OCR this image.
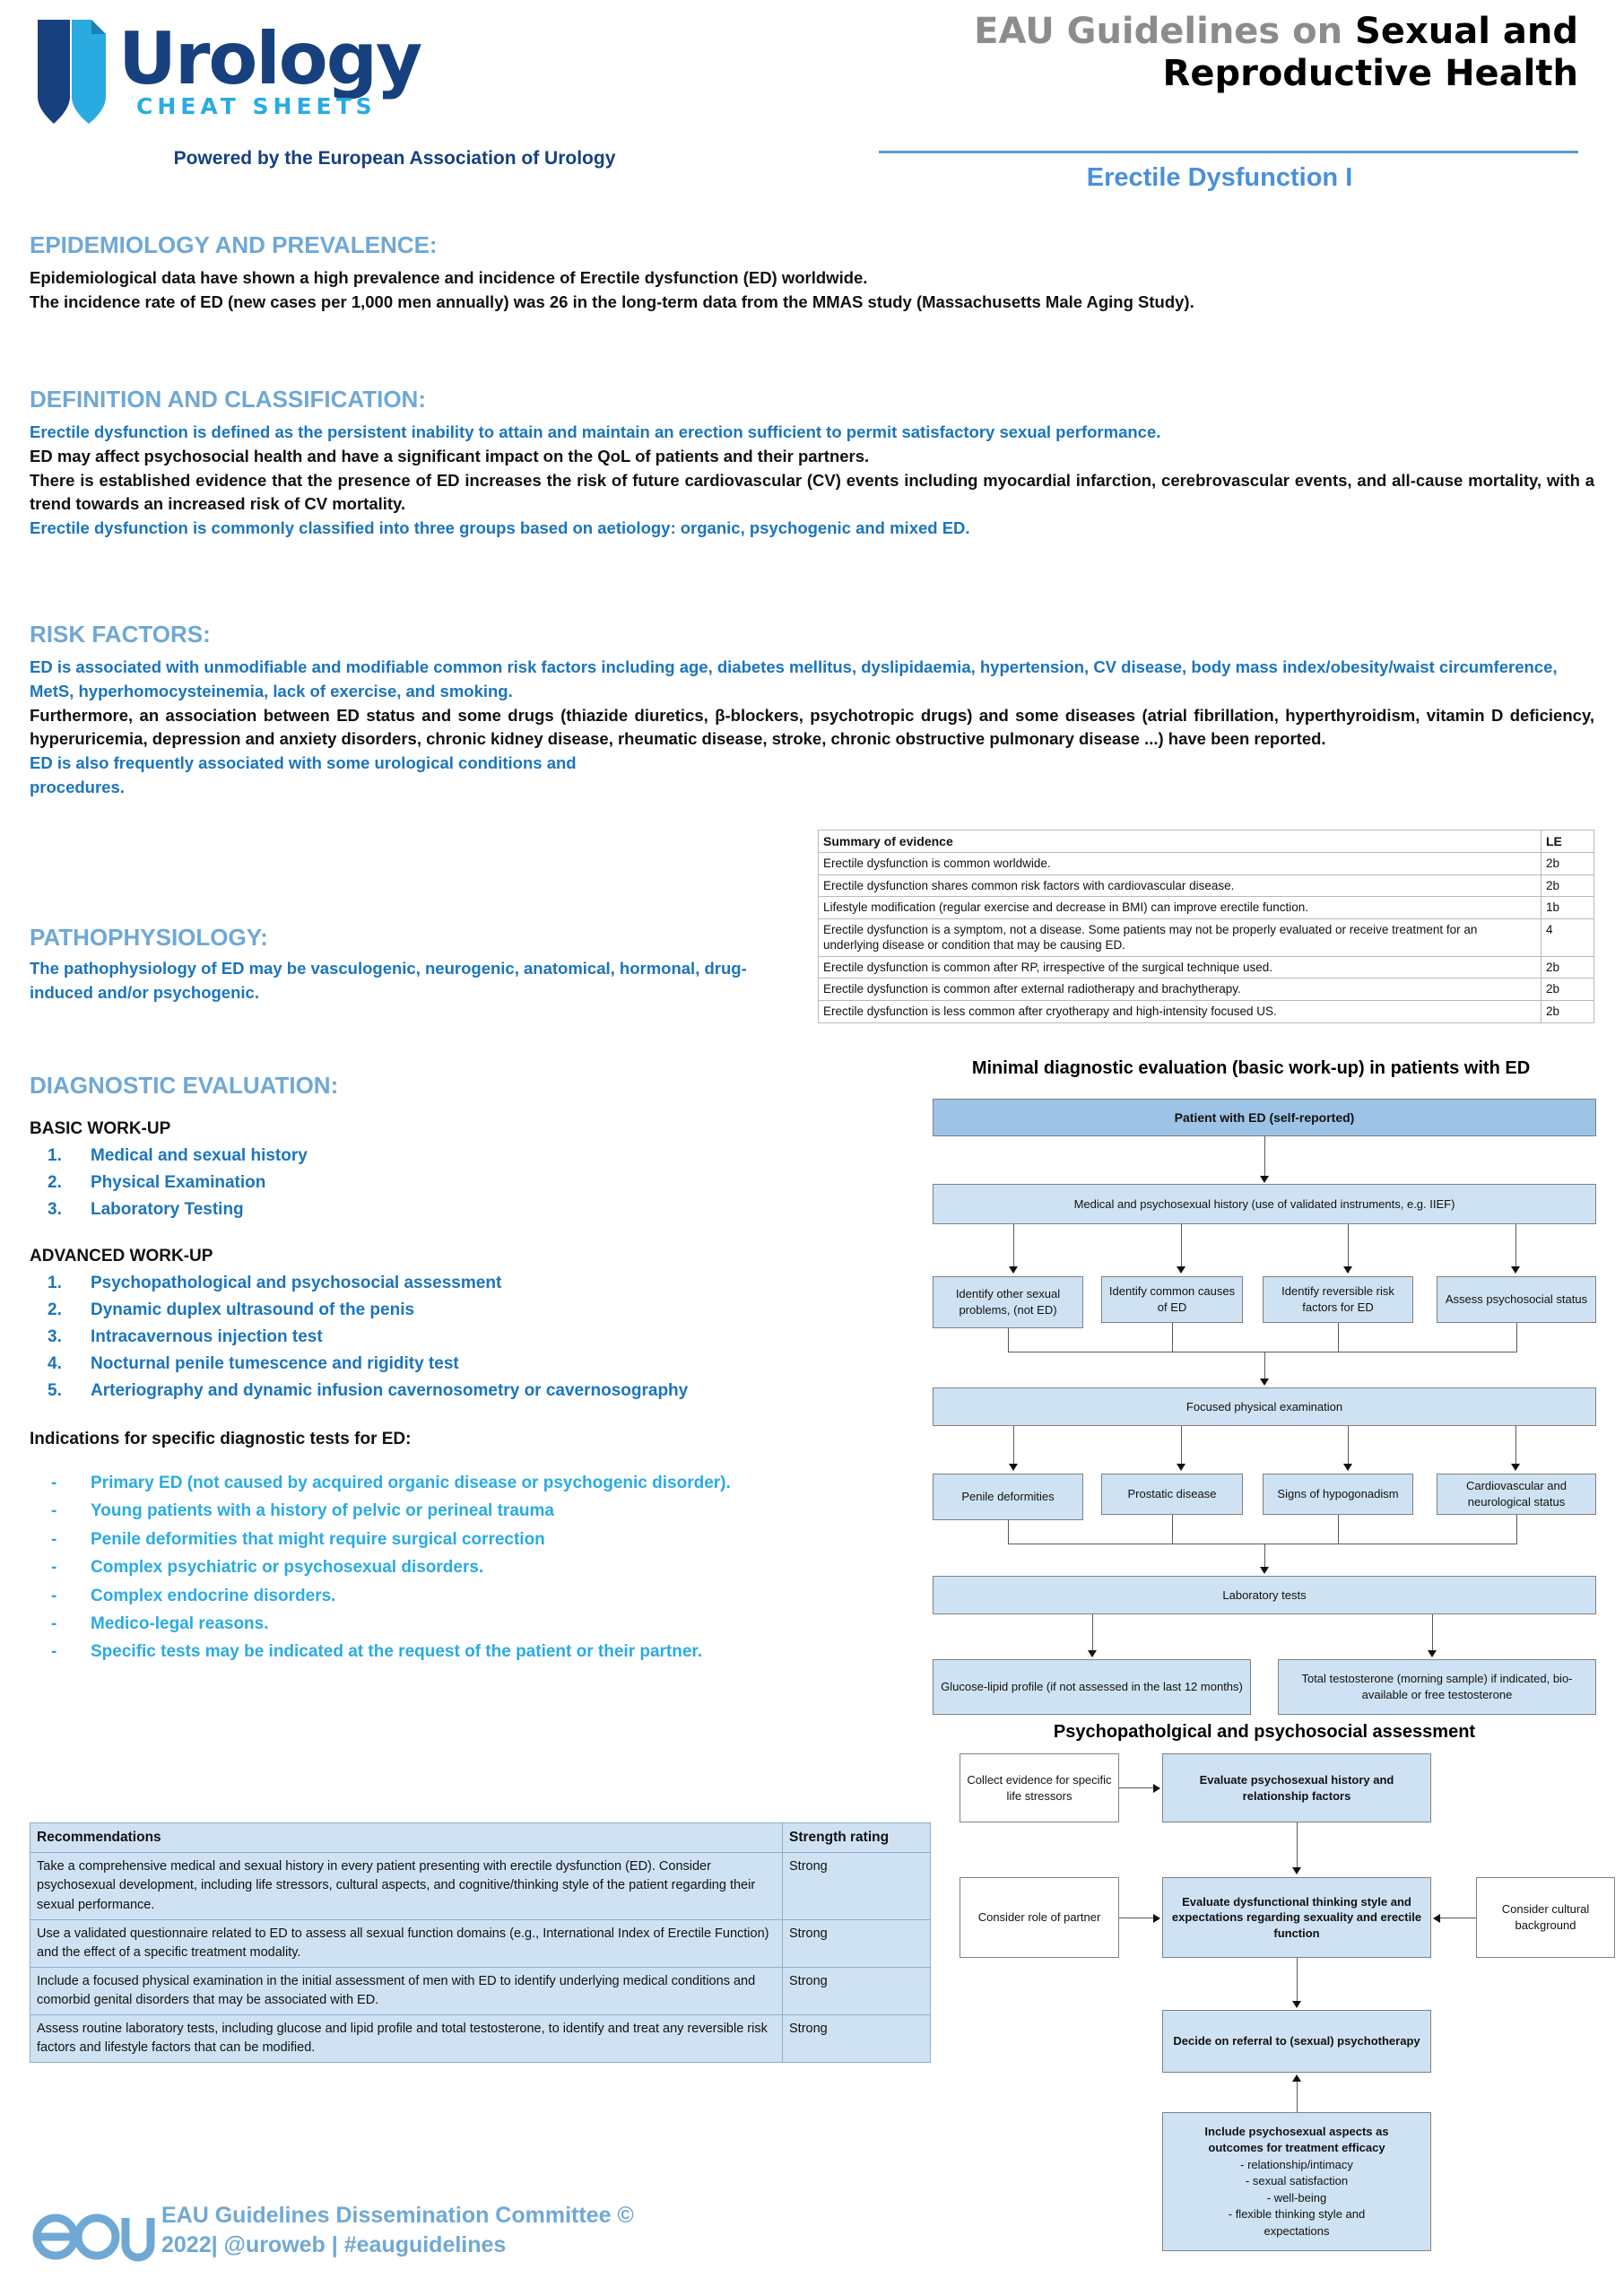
Urology
CHEAT SHEETS
Powered by the European Association of Urology
EAU Guidelines on Sexual and
Reproductive Health
Erectile Dysfunction I
EPIDEMIOLOGY AND PREVALENCE:
Epidemiological data have shown a high prevalence and incidence of Erectile dysfunction (ED) worldwide.
The incidence rate of ED (new cases per 1,000 men annually) was 26 in the long-term data from the MMAS study (Massachusetts Male Aging Study).
DEFINITION AND CLASSIFICATION:
Erectile dysfunction is defined as the persistent inability to attain and maintain an erection sufficient to permit satisfactory sexual performance.
ED may affect psychosocial health and have a significant impact on the QoL of patients and their partners.
There is established evidence that the presence of ED increases the risk of future cardiovascular (CV) events including myocardial infarction, cerebrovascular events, and all-cause mortality, with a trend towards an increased risk of CV mortality.
Erectile dysfunction is commonly classified into three groups based on aetiology: organic, psychogenic and mixed ED.
RISK FACTORS:
ED is associated with unmodifiable and modifiable common risk factors including age, diabetes mellitus, dyslipidaemia, hypertension, CV disease, body mass index/obesity/waist circumference, MetS, hyperhomocysteinemia, lack of exercise, and smoking.
Furthermore, an association between ED status and some drugs (thiazide diuretics, β-blockers, psychotropic drugs) and some diseases (atrial fibrillation, hyperthyroidism, vitamin D deficiency, hyperuricemia, depression and anxiety disorders, chronic kidney disease, rheumatic disease, stroke, chronic obstructive pulmonary disease ...) have been reported.
ED is also frequently associated with some urological conditions and procedures.
Summary of evidence	LE
Erectile dysfunction is common worldwide.	2b
Erectile dysfunction shares common risk factors with cardiovascular disease.	2b
Lifestyle modification (regular exercise and decrease in BMI) can improve erectile function.	1b
Erectile dysfunction is a symptom, not a disease. Some patients may not be properly evaluated or receive treatment for an underlying disease or condition that may be causing ED.	4
Erectile dysfunction is common after RP, irrespective of the surgical technique used.	2b
Erectile dysfunction is common after external radiotherapy and brachytherapy.	2b
Erectile dysfunction is less common after cryotherapy and high-intensity focused US.	2b
PATHOPHYSIOLOGY:
The pathophysiology of ED may be vasculogenic, neurogenic, anatomical, hormonal, drug-induced and/or psychogenic.
DIAGNOSTIC EVALUATION:
BASIC WORK-UP
1. Medical and sexual history
2. Physical Examination
3. Laboratory Testing
ADVANCED WORK-UP
1. Psychopathological and psychosocial assessment
2. Dynamic duplex ultrasound of the penis
3. Intracavernous injection test
4. Nocturnal penile tumescence and rigidity test
5. Arteriography and dynamic infusion cavernosometry or cavernosography
Indications for specific diagnostic tests for ED:
- Primary ED (not caused by acquired organic disease or psychogenic disorder).
- Young patients with a history of pelvic or perineal trauma
- Penile deformities that might require surgical correction
- Complex psychiatric or psychosexual disorders.
- Complex endocrine disorders.
- Medico-legal reasons.
- Specific tests may be indicated at the request of the patient or their partner.
Recommendations	Strength rating
Take a comprehensive medical and sexual history in every patient presenting with erectile dysfunction (ED). Consider psychosexual development, including life stressors, cultural aspects, and cognitive/thinking style of the patient regarding their sexual performance.	Strong
Use a validated questionnaire related to ED to assess all sexual function domains (e.g., International Index of Erectile Function) and the effect of a specific treatment modality.	Strong
Include a focused physical examination in the initial assessment of men with ED to identify underlying medical conditions and comorbid genital disorders that may be associated with ED.	Strong
Assess routine laboratory tests, including glucose and lipid profile and total testosterone, to identify and treat any reversible risk factors and lifestyle factors that can be modified.	Strong
Minimal diagnostic evaluation (basic work-up) in patients with ED
Patient with ED (self-reported)
Medical and psychosexual history (use of validated instruments, e.g. IIEF)
Identify other sexual problems, (not ED)
Identify common causes of ED
Identify reversible risk factors for ED
Assess psychosocial status
Focused physical examination
Penile deformities	Prostatic disease	Signs of hypogonadism
Cardiovascular and neurological status
Laboratory tests
Glucose-lipid profile (if not assessed in the last 12 months)
Total testosterone (morning sample) if indicated, bio-available or free testosterone
Psychopatholgical and psychosocial assessment
Collect evidence for specific life stressors
Evaluate psychosexual history and relationship factors
Consider role of partner
Evaluate dysfunctional thinking style and expectations regarding sexuality and erectile function
Consider cultural background
Decide on referral to (sexual) psychotherapy
Include psychosexual aspects as
outcomes for treatment efficacy
- relationship/intimacy
- sexual satisfaction
- well-being
- flexible thinking style and
expectations
EAU Guidelines Dissemination Committee ©
2022| @uroweb | #eauguidelines
